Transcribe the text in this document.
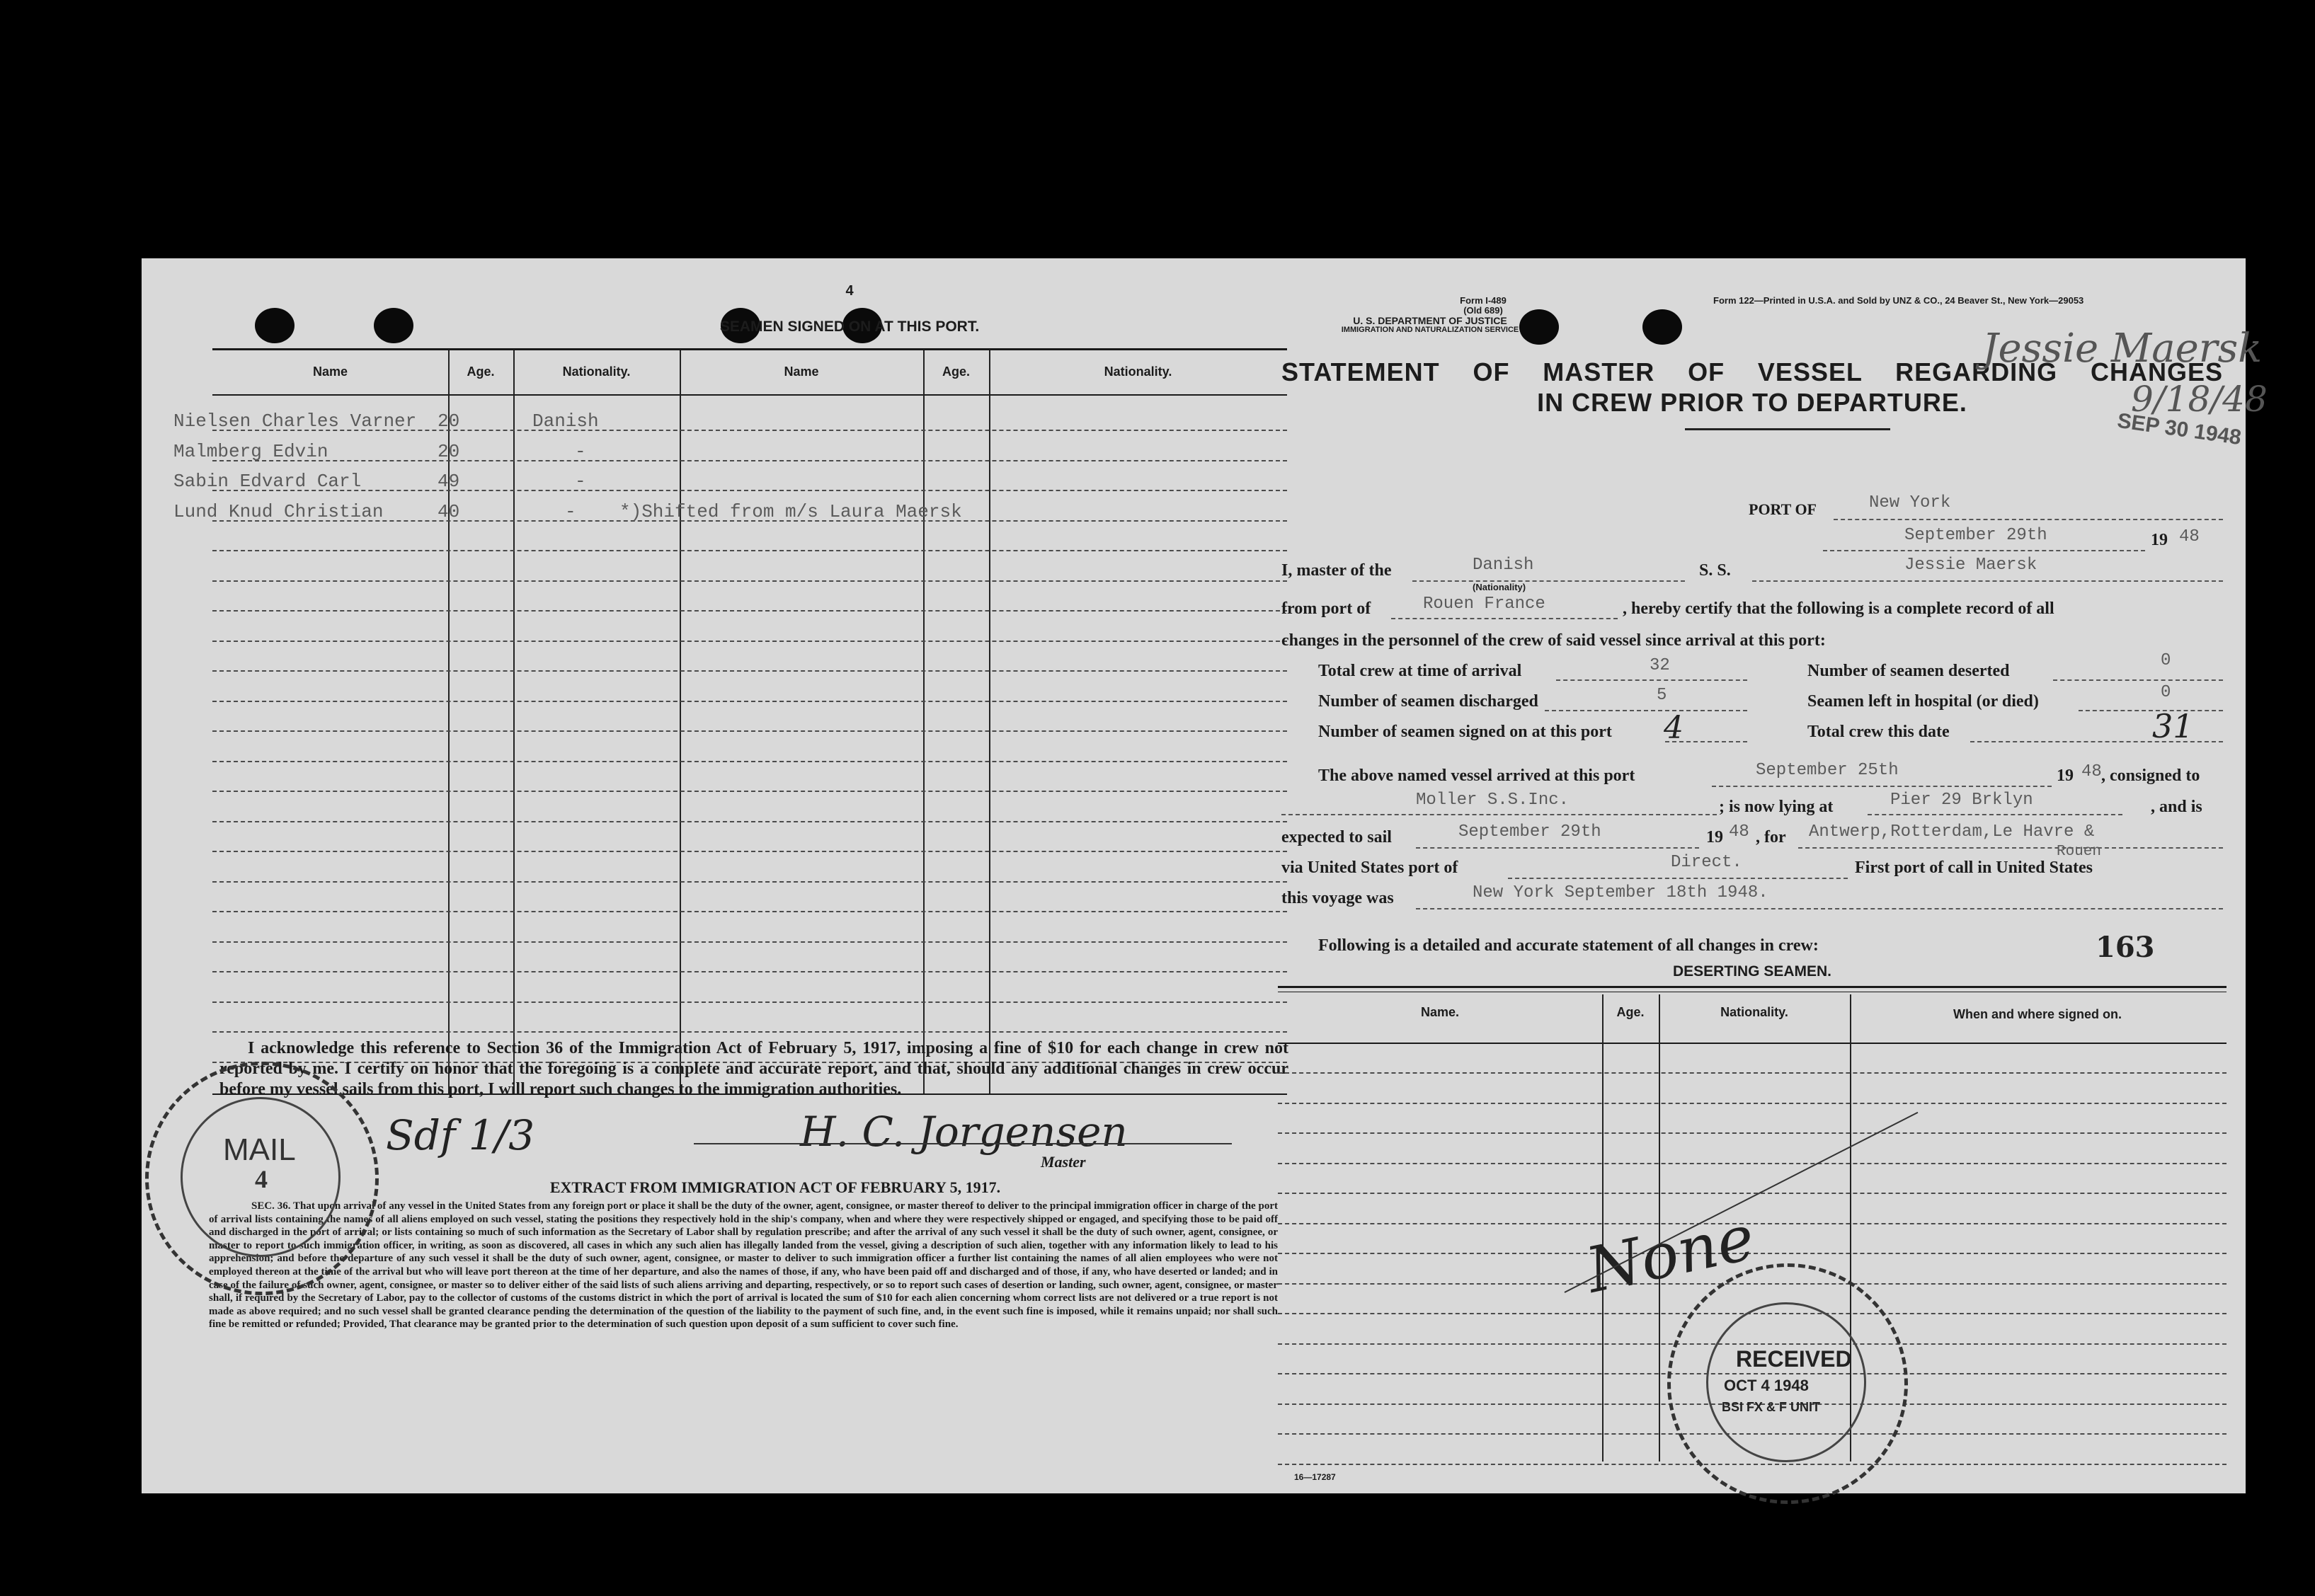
4
SEAMEN SIGNED ON AT THIS PORT.
Name	Age.	Nationality.	Name	Age.	Nationality.
Nielsen Charles Varner 20	Danish
Malmberg Edvin	20	-
Sabin Edvard Carl	49	-
Lund Knud Christian	40	- *)Shifted from m/s Laura Maersk
I acknowledge this reference to Section 36 of the Immigration Act of February 5, 1917, imposing a fine of $10 for each change in crew not reported by me. I certify on honor that the foregoing is a complete and accurate report, and that, should any additional changes in crew occur before my vessel sails from this port, I will report such changes to the immigration authorities.
Sdf 1/3	H. C. Jorgensen
Master
EXTRACT FROM IMMIGRATION ACT OF FEBRUARY 5, 1917.
SEC. 36. That upon arrival of any vessel in the United States from any foreign port or place it shall be the duty of the owner, agent, consignee, or master thereof to deliver to the principal immigration officer in charge of the port of arrival lists containing the names of all aliens employed on such vessel, stating the positions they respectively hold in the ship's company, when and where they were respectively shipped or engaged, and specifying those to be paid off and discharged in the port of arrival; or lists containing so much of such information as the Secretary of Labor shall by regulation prescribe; and after the arrival of any such vessel it shall be the duty of such owner, agent, consignee, or master to report to such immigration officer, in writing, as soon as discovered, all cases in which any such alien has illegally landed from the vessel, giving a description of such alien, together with any information likely to lead to his apprehension; and before the departure of any such vessel it shall be the duty of such owner, agent, consignee, or master to deliver to such immigration officer a further list containing the names of all alien employees who were not employed thereon at the time of the arrival but who will leave port thereon at the time of her departure, and also the names of those, if any, who have been paid off and discharged and of those, if any, who have deserted or landed; and in case of the failure of such owner, agent, consignee, or master so to deliver either of the said lists of such aliens arriving and departing, respectively, or so to report such cases of desertion or landing, such owner, agent, consignee, or master shall, if required by the Secretary of Labor, pay to the collector of customs of the customs district in which the port of arrival is located the sum of $10 for each alien concerning whom correct lists are not delivered or a true report is not made as above required; and no such vessel shall be granted clearance pending the determination of the question of the liability to the payment of such fine, and, in the event such fine is imposed, while it remains unpaid; nor shall such fine be remitted or refunded; Provided, That clearance may be granted prior to the determination of such question upon deposit of a sum sufficient to cover such fine.
MAIL
4
Form I-489
(Old 689)
U. S. DEPARTMENT OF JUSTICE
IMMIGRATION AND NATURALIZATION SERVICE
Form 122—Printed in U.S.A. and Sold by UNZ & CO., 24 Beaver St., New York—29053
STATEMENT OF MASTER OF VESSEL REGARDING CHANGES
IN CREW PRIOR TO DEPARTURE.
Jessie Maersk
9/18/48
SEP 30 1948
PORT OF	New York
September 29th	19 48
I, master of the	Danish
(Nationality)
S. S.	Jessie Maersk
from port of	Rouen France	, hereby certify that the following is a complete record of all
changes in the personnel of the crew of said vessel since arrival at this port:
Total crew at time of arrival	32
Number of seamen discharged	5
Number of seamen signed on at this port 4
Number of seamen deserted
0
Seamen left in hospital (or died)	0
Total crew this date	31
The above named vessel arrived at this port	September 25th	19 48 , consigned to
Moller S.S.Inc.	; is now lying at	Pier 29 Brklyn	, and is
expected to sail	September 29th	19 48 , for Antwerp,Rotterdam,Le Havre &
Rouen
via United States port of	Direct.	First port of call in United States
this voyage was	New York September 18th 1948.
Following is a detailed and accurate statement of all changes in crew:	163
DESERTING SEAMEN.
Name.	Age.	Nationality.	When and where signed on.
None
RECEIVED
OCT 4 1948
BSI FX & F UNIT
16—17287
